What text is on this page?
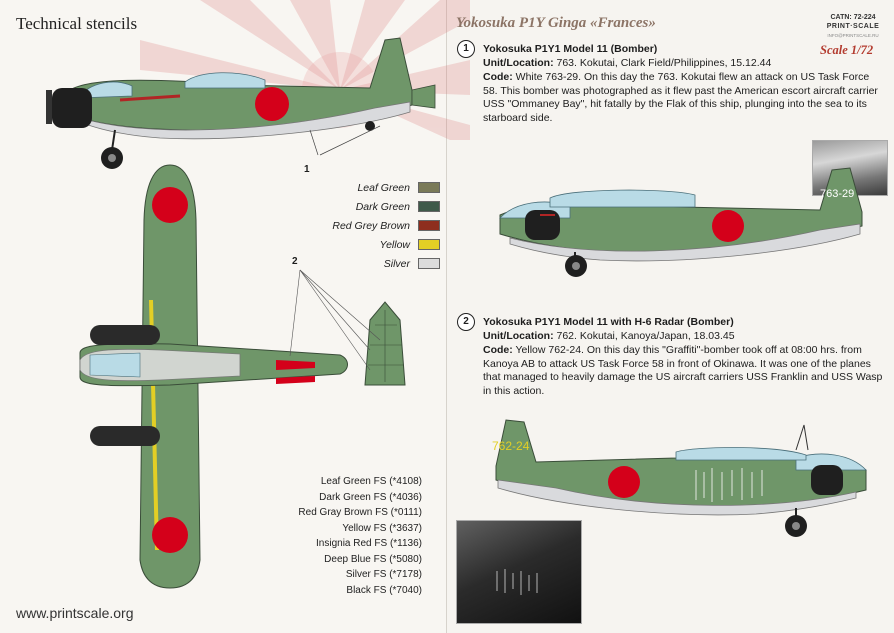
Technical stencils
1
Leaf Green
Dark Green
Red Grey Brown
Yellow
Silver
2
Leaf Green FS (*4108)
Dark Green FS (*4036)
Red Gray Brown FS (*0111)
Yellow FS (*3637)
Insignia Red FS (*1136)
Deep Blue FS (*5080)
Silver FS (*7178)
Black FS (*7040)
www.printscale.org
Yokosuka P1Y Ginga «Frances»	CATN: 72-224
PRINT·SCALE
INFO@PRINTSCALE.RU
Scale 1/72
1	Yokosuka P1Y1 Model 11 (Bomber)
Unit/Location: 763. Kokutai, Clark Field/Philippines, 15.12.44
Code: White 763-29. On this day the 763. Kokutai flew an attack on US Task Force 58. This bomber was photographed as it flew past the American escort aircraft carrier USS "Ommaney Bay", hit fatally by the Flak of this ship, plunging into the sea to its starboard side.
763-29
2	Yokosuka P1Y1 Model 11 with H-6 Radar (Bomber)
Unit/Location: 762. Kokutai, Kanoya/Japan, 18.03.45
Code: Yellow 762-24. On this day this "Graffiti"-bomber took off at 08:00 hrs. from Kanoya AB to attack US Task Force 58 in front of Okinawa. It was one of the planes that managed to heavily damage the US aircraft carriers USS Franklin and USS Wasp in this action.
762-24
